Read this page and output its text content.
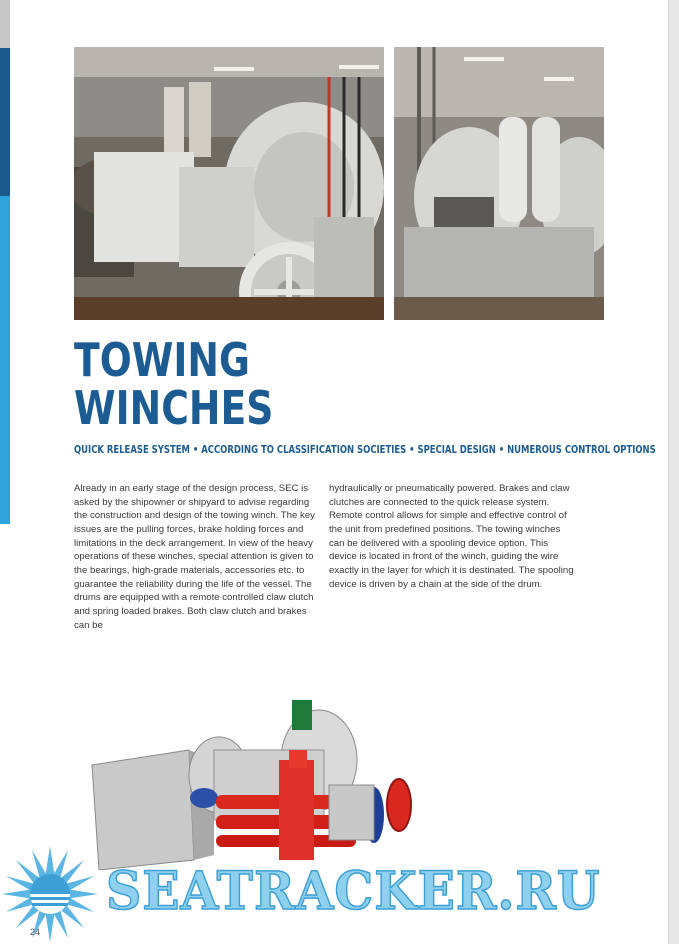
TOWING
WINCHES
QUICK RELEASE SYSTEM • ACCORDING TO CLASSIFICATION SOCIETIES • SPECIAL DESIGN • NUMEROUS CONTROL OPTIONS

Already in an early stage of the design process, SEC is asked by the shipowner or shipyard to advise regarding the construction and design of the towing winch. The key issues are the pulling forces, brake holding forces and limitations in the deck arrangement. In view of the heavy operations of these winches, special attention is given to the bearings, high-grade materials, accessories etc. to guarantee the reliability during the life of the vessel. The drums are equipped with a remote controlled claw clutch and spring loaded brakes. Both claw clutch and brakes can be

hydraulically or pneumatically powered. Brakes and claw clutches are connected to the quick release system. Remote control allows for simple and effective control of the unit from predefined positions. The towing winches can be delivered with a spooling device option. This device is located in front of the winch, guiding the wire exactly in the layer for which it is destinated. The spooling device is driven by a chain at the side of the drum.

SEATRACKER.RU
24
